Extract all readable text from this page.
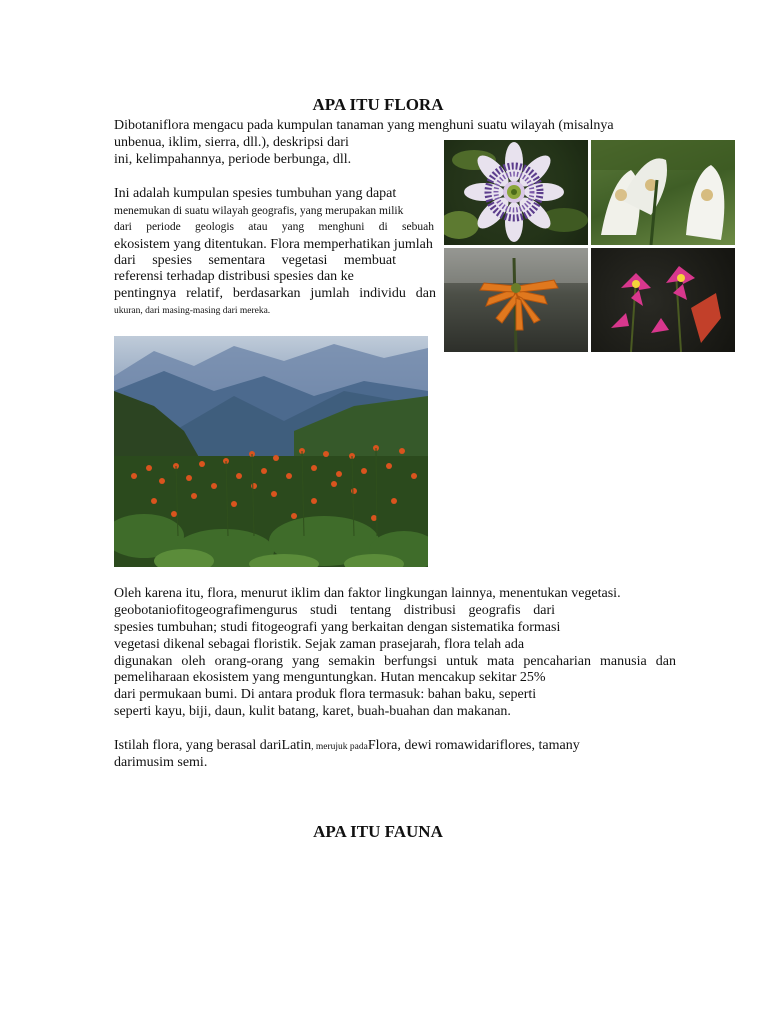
APA ITU FLORA

Dibotaniflora mengacu pada kumpulan tanaman yang menghuni suatu wilayah (misalnya

unbenua, iklim, sierra, dll.), deskripsi dari

ini, kelimpahannya, periode berbunga, dll.

Ini adalah kumpulan spesies tumbuhan yang dapat

menemukan di suatu wilayah geografis, yang merupakan milik

dari periode geologis atau yang menghuni di sebuah

ekosistem yang ditentukan. Flora memperhatikan jumlah

dari spesies sementara vegetasi membuat

referensi terhadap distribusi spesies dan ke

pentingnya relatif, berdasarkan jumlah individu dan

ukuran, dari masing-masing dari mereka.

Oleh karena itu, flora, menurut iklim dan faktor lingkungan lainnya, menentukan vegetasi.

geobotaniofitogeografimengurus studi tentang distribusi geografis dari

spesies tumbuhan; studi fitogeografi yang berkaitan dengan sistematika formasi

vegetasi dikenal sebagai floristik. Sejak zaman prasejarah, flora telah ada

digunakan oleh orang-orang yang semakin berfungsi untuk mata pencaharian manusia dan

pemeliharaan ekosistem yang menguntungkan. Hutan mencakup sekitar 25%

dari permukaan bumi. Di antara produk flora termasuk: bahan baku, seperti

seperti kayu, biji, daun, kulit batang, karet, buah-buahan dan makanan.

Istilah flora, yang berasal dariLatin, merujuk padaFlora, dewi romawidariflores, tamany

darimusim semi.

APA ITU FAUNA
